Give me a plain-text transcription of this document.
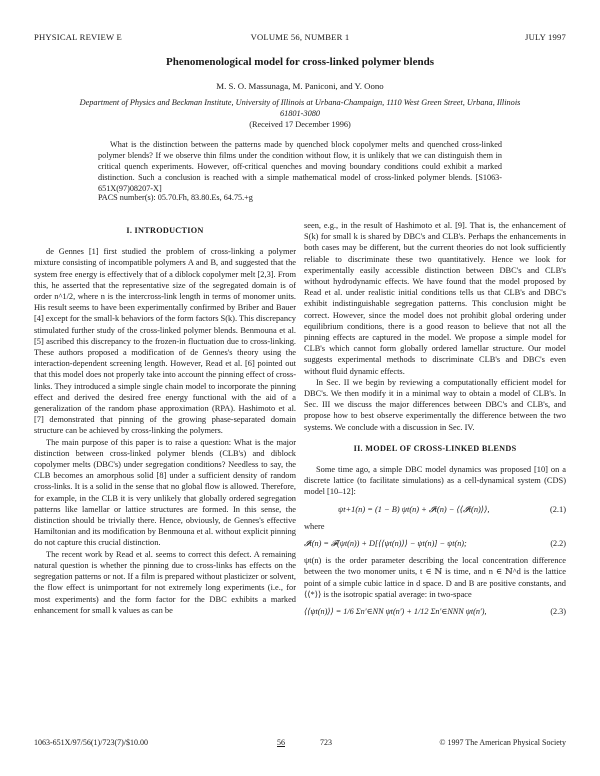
PHYSICAL REVIEW E	VOLUME 56, NUMBER 1	JULY 1997
Phenomenological model for cross-linked polymer blends
M. S. O. Massunaga, M. Paniconi, and Y. Oono
Department of Physics and Beckman Institute, University of Illinois at Urbana-Champaign, 1110 West Green Street, Urbana, Illinois 61801-3080
(Received 17 December 1996)
What is the distinction between the patterns made by quenched block copolymer melts and quenched cross-linked polymer blends? If we observe thin films under the condition without flow, it is unlikely that we can distinguish them in critical quench experiments. However, off-critical quenches and moving boundary conditions could exhibit a marked distinction. Such a conclusion is reached with a simple mathematical model of cross-linked polymer blends. [S1063-651X(97)08207-X]
PACS number(s): 05.70.Fh, 83.80.Es, 64.75.+g
I. INTRODUCTION

de Gennes [1] first studied the problem of cross-linking a polymer mixture consisting of incompatible polymers A and B, and suggested that the system free energy is effectively that of a diblock copolymer melt [2,3]. From this, he asserted that the representative size of the segregated domain is of order n^1/2, where n is the intercross-link length in terms of monomer units. His result seems to have been experimentally confirmed by Briber and Bauer [4] except for the small-k behaviors of the form factors S(k). This discrepancy stimulated further study of the cross-linked polymer blends. Benmouna et al. [5] ascribed this discrepancy to the frozen-in fluctuation due to cross-linking. These authors proposed a modification of de Gennes's theory using the interaction-dependent screening length. However, Read et al. [6] pointed out that this model does not properly take into account the pinning effect of cross-links. They introduced a simple single chain model to incorporate the pinning effect and derived the desired free energy functional with the aid of a generalization of the random phase approximation (RPA). Hashimoto et al. [7] demonstrated that pinning of the growing phase-separated domain structure can be achieved by cross-linking the polymers.

The main purpose of this paper is to raise a question: What is the major distinction between cross-linked polymer blends (CLB's) and diblock copolymer melts (DBC's) under segregation conditions? Needless to say, the CLB becomes an amorphous solid [8] under a sufficient density of random cross-links. It is a solid in the sense that no global flow is allowed. Therefore, for example, in the CLB it is very unlikely that globally ordered segregation patterns like lamellar or lattice structures are formed. In this sense, the distinction should be trivially there. Hence, obviously, de Gennes's effective Hamiltonian and its modification by Benmouna et al. without explicit pinning do not capture this crucial distinction.

The recent work by Read et al. seems to correct this defect. A remaining natural question is whether the pinning due to cross-links has effects on the segregation patterns or not. If a film is prepared without plasticizer or solvent, the flow effect is unimportant for not extremely long experiments (i.e., for most experiments) and the form factor for the DBC exhibits a marked enhancement for small k values as can be

seen, e.g., in the result of Hashimoto et al. [9]. That is, the enhancement of S(k) for small k is shared by DBC's and CLB's. Perhaps the enhancements in both cases may be different, but the current theories do not look sufficiently reliable to discriminate these two quantitatively. Hence we look for experimentally easily accessible distinction between DBC's and CLB's without hydrodynamic effects. We have found that the model proposed by Read et al. under realistic initial conditions tells us that CLB's and DBC's exhibit indistinguishable segregation patterns. This conclusion might be correct. However, since the model does not prohibit global ordering under equilibrium conditions, there is a good reason to believe that not all the pinning effects are captured in the model. We propose a simple model for CLB's which cannot form globally ordered lamellar structure. Our model suggests experimental methods to discriminate CLB's and DBC's even without fluid dynamic effects.

In Sec. II we begin by reviewing a computationally efficient model for DBC's. We then modify it in a minimal way to obtain a model of CLB's. In Sec. III we discuss the major differences between DBC's and CLB's, and propose how to best observe experimentally the difference between the two systems. We conclude with a discussion in Sec. IV.

II. MODEL OF CROSS-LINKED BLENDS

Some time ago, a simple DBC model dynamics was proposed [10] on a discrete lattice (to facilitate simulations) as a cell-dynamical system (CDS) model [10–12]:

ψt+1(n) = (1 − B) ψt(n) + 𝓘t(n) − ⟨⟨𝓘t(n)⟩⟩,	(2.1)

where

𝓘t(n) = 𝓕(ψt(n)) + D[⟨⟨ψt(n)⟩⟩ − ψt(n)] − ψt(n);	(2.2)

ψt(n) is the order parameter describing the local concentration difference between the two monomer units, t ∈ ℕ is time, and n ∈ ℕ^d is the lattice point of a simple cubic lattice in d space. D and B are positive constants, and ⟨⟨*⟩⟩ is the isotropic spatial average: in two-space

⟨⟨ψt(n)⟩⟩ = 1/6 Σn′∈NN ψt(n′) + 1/12 Σn′∈NNN ψt(n′),	(2.3)
1063-651X/97/56(1)/723(7)/$10.00	56	723	© 1997 The American Physical Society
